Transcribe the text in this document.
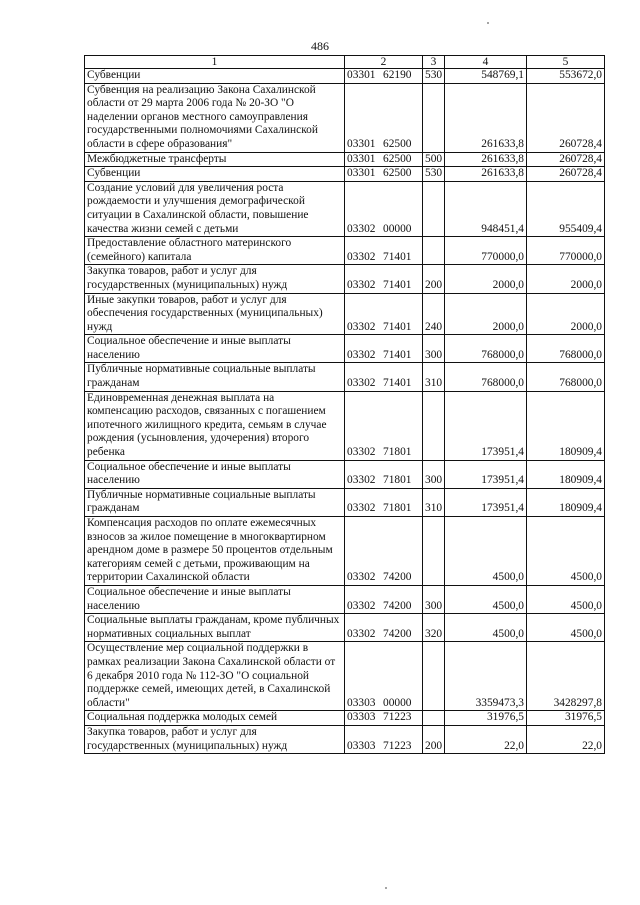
486
1	2	3	4	5
Субвенции	03301 62190	530	548769,1	553672,0
Субвенция на реализацию Закона Сахалинской области от 29 марта 2006 года № 20-ЗО "О наделении органов местного самоуправления государственными полномочиями Сахалинской области в сфере образования"	03301 62500		261633,8	260728,4
Межбюджетные трансферты	03301 62500	500	261633,8	260728,4
Субвенции	03301 62500	530	261633,8	260728,4
Создание условий для увеличения роста рождаемости и улучшения демографической ситуации в Сахалинской области, повышение качества жизни семей с детьми	03302 00000		948451,4	955409,4
Предоставление областного материнского (семейного) капитала	03302 71401		770000,0	770000,0
Закупка товаров, работ и услуг для государственных (муниципальных) нужд	03302 71401	200	2000,0	2000,0
Иные закупки товаров, работ и услуг для обеспечения государственных (муниципальных) нужд	03302 71401	240	2000,0	2000,0
Социальное обеспечение и иные выплаты населению	03302 71401	300	768000,0	768000,0
Публичные нормативные социальные выплаты гражданам	03302 71401	310	768000,0	768000,0
Единовременная денежная выплата на компенсацию расходов, связанных с погашением ипотечного жилищного кредита, семьям в случае рождения (усыновления, удочерения) второго ребенка	03302 71801		173951,4	180909,4
Социальное обеспечение и иные выплаты населению	03302 71801	300	173951,4	180909,4
Публичные нормативные социальные выплаты гражданам	03302 71801	310	173951,4	180909,4
Компенсация расходов по оплате ежемесячных взносов за жилое помещение в многоквартирном арендном доме в размере 50 процентов отдельным категориям семей с детьми, проживающим на территории Сахалинской области	03302 74200		4500,0	4500,0
Социальное обеспечение и иные выплаты населению	03302 74200	300	4500,0	4500,0
Социальные выплаты гражданам, кроме публичных нормативных социальных выплат	03302 74200	320	4500,0	4500,0
Осуществление мер социальной поддержки в рамках реализации Закона Сахалинской области от 6 декабря 2010 года № 112-ЗО "О социальной поддержке семей, имеющих детей, в Сахалинской области"	03303 00000		3359473,3	3428297,8
Социальная поддержка молодых семей	03303 71223		31976,5	31976,5
Закупка товаров, работ и услуг для государственных (муниципальных) нужд	03303 71223	200	22,0	22,0
